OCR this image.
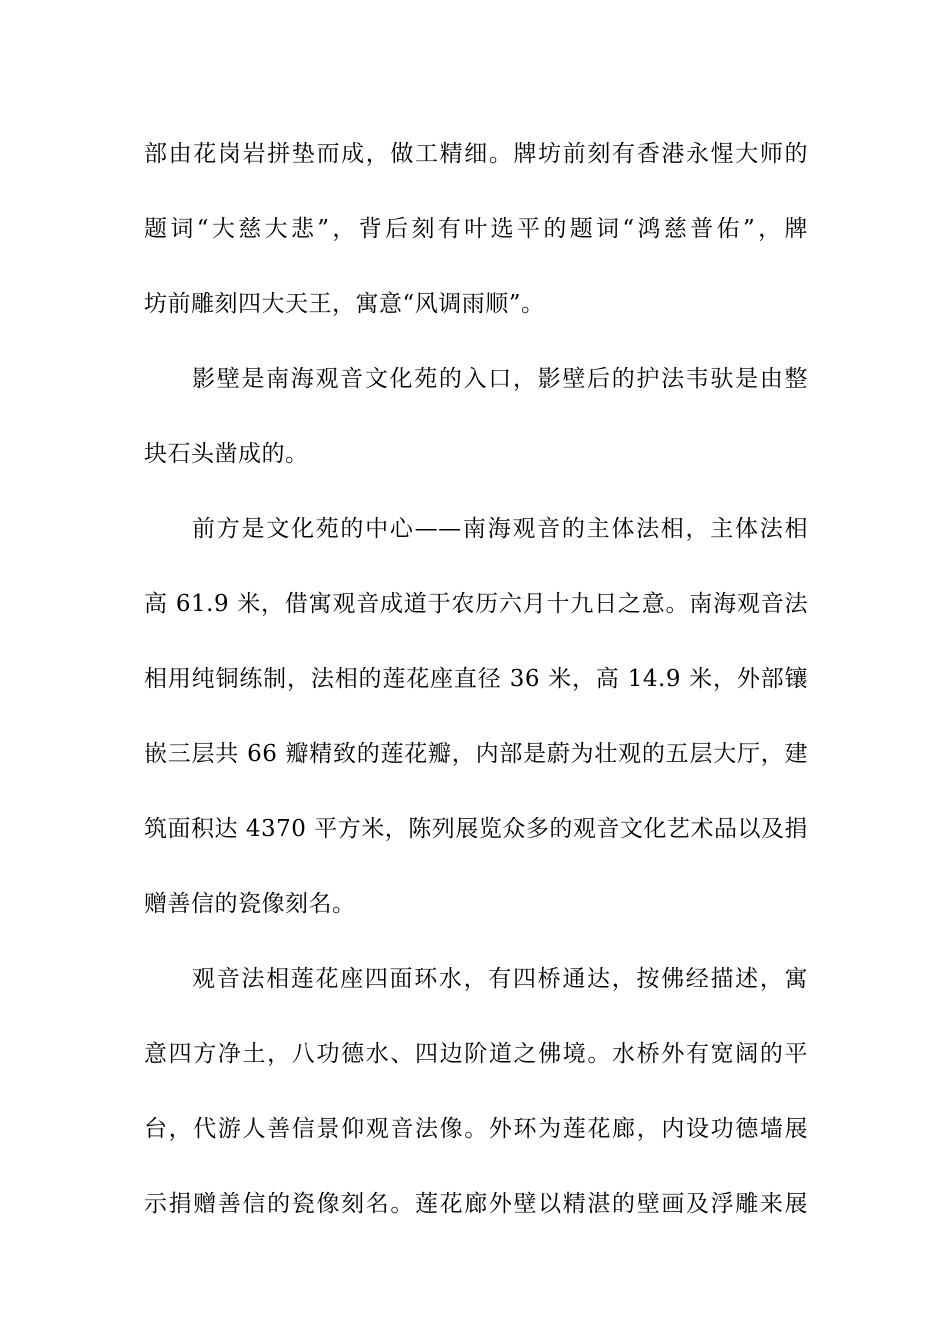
部由花岗岩拼垫而成，做工精细。牌坊前刻有香港永惺大师的
题词“大慈大悲”，背后刻有叶选平的题词“鸿慈普佑”，牌
坊前雕刻四大天王，寓意“风调雨顺”。
影壁是南海观音文化苑的入口，影壁后的护法韦驮是由整
块石头凿成的。
前方是文化苑的中心——南海观音的主体法相，主体法相
高 61.9 米，借寓观音成道于农历六月十九日之意。南海观音法
相用纯铜练制，法相的莲花座直径 36 米，高 14.9 米，外部镶
嵌三层共 66 瓣精致的莲花瓣，内部是蔚为壮观的五层大厅，建
筑面积达 4370 平方米，陈列展览众多的观音文化艺术品以及捐
赠善信的瓷像刻名。
观音法相莲花座四面环水，有四桥通达，按佛经描述，寓
意四方净土，八功德水、四边阶道之佛境。水桥外有宽阔的平
台，代游人善信景仰观音法像。外环为莲花廊，内设功德墙展
示捐赠善信的瓷像刻名。莲花廊外壁以精湛的壁画及浮雕来展
